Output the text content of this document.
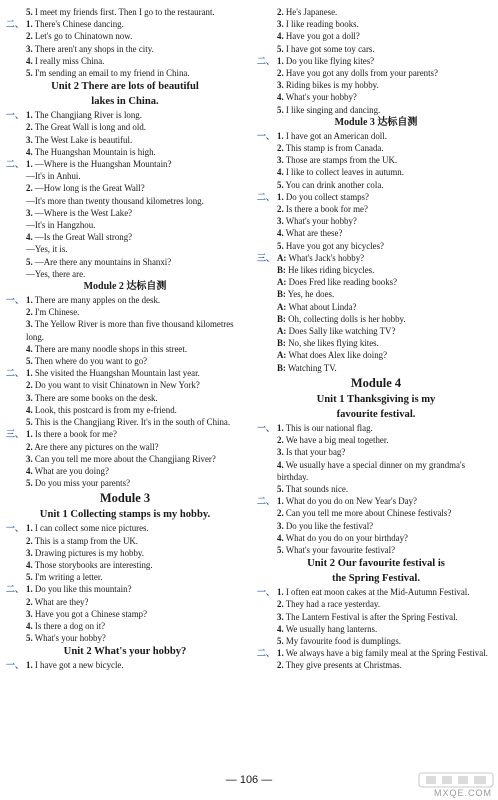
5. I meet my friends first. Then I go to the restaurant.
二、 1. There's Chinese dancing.
2. Let's go to Chinatown now.
3. There aren't any shops in the city.
4. I really miss China.
5. I'm sending an email to my friend in China.
Unit 2 There are lots of beautiful
lakes in China.
一、 1. The Changjiang River is long.
2. The Great Wall is long and old.
3. The West Lake is beautiful.
4. The Huangshan Mountain is high.
二、 1. —Where is the Huangshan Mountain?
—It's in Anhui.
2. —How long is the Great Wall?
—It's more than twenty thousand kilometres long.
3. —Where is the West Lake?
—It's in Hangzhou.
4. —Is the Great Wall strong?
—Yes, it is.
5. —Are there any mountains in Shanxi?
—Yes, there are.
Module 2 达标自测
一、 1. There are many apples on the desk.
2. I'm Chinese.
3. The Yellow River is more than five thousand kilometres long.
4. There are many noodle shops in this street.
5. Then where do you want to go?
二、 1. She visited the Huangshan Mountain last year.
2. Do you want to visit Chinatown in New York?
3. There are some books on the desk.
4. Look, this postcard is from my e-friend.
5. This is the Changjiang River. It's in the south of China.
三、 1. Is there a book for me?
2. Are there any pictures on the wall?
3. Can you tell me more about the Changjiang River?
4. What are you doing?
5. Do you miss your parents?
Module 3
Unit 1 Collecting stamps is my hobby.
一、 1. I can collect some nice pictures.
2. This is a stamp from the UK.
3. Drawing pictures is my hobby.
4. Those storybooks are interesting.
5. I'm writing a letter.
二、 1. Do you like this mountain?
2. What are they?
3. Have you got a Chinese stamp?
4. Is there a dog on it?
5. What's your hobby?
Unit 2 What's your hobby?
一、 1. I have got a new bicycle.
2. He's Japanese.
3. I like reading books.
4. Have you got a doll?
5. I have got some toy cars.
二、 1. Do you like flying kites?
2. Have you got any dolls from your parents?
3. Riding bikes is my hobby.
4. What's your hobby?
5. I like singing and dancing.
Module 3 达标自测
一、 1. I have got an American doll.
2. This stamp is from Canada.
3. Those are stamps from the UK.
4. I like to collect leaves in autumn.
5. You can drink another cola.
二、 1. Do you collect stamps?
2. Is there a book for me?
3. What's your hobby?
4. What are these?
5. Have you got any bicycles?
三、 A: What's Jack's hobby?
B: He likes riding bicycles.
A: Does Fred like reading books?
B: Yes, he does.
A: What about Linda?
B: Oh, collecting dolls is her hobby.
A: Does Sally like watching TV?
B: No, she likes flying kites.
A: What does Alex like doing?
B: Watching TV.
Module 4
Unit 1 Thanksgiving is my
favourite festival.
一、 1. This is our national flag.
2. We have a big meal together.
3. Is that your bag?
4. We usually have a special dinner on my grandma's birthday.
5. That sounds nice.
二、 1. What do you do on New Year's Day?
2. Can you tell me more about Chinese festivals?
3. Do you like the festival?
4. What do you do on your birthday?
5. What's your favourite festival?
Unit 2 Our favourite festival is
the Spring Festival.
一、 1. I often eat moon cakes at the Mid-Autumn Festival.
2. They had a race yesterday.
3. The Lantern Festival is after the Spring Festival.
4. We usually hang lanterns.
5. My favourite food is dumplings.
二、 1. We always have a big family meal at the Spring Festival.
2. They give presents at Christmas.
— 106 —
MXQE.COM
